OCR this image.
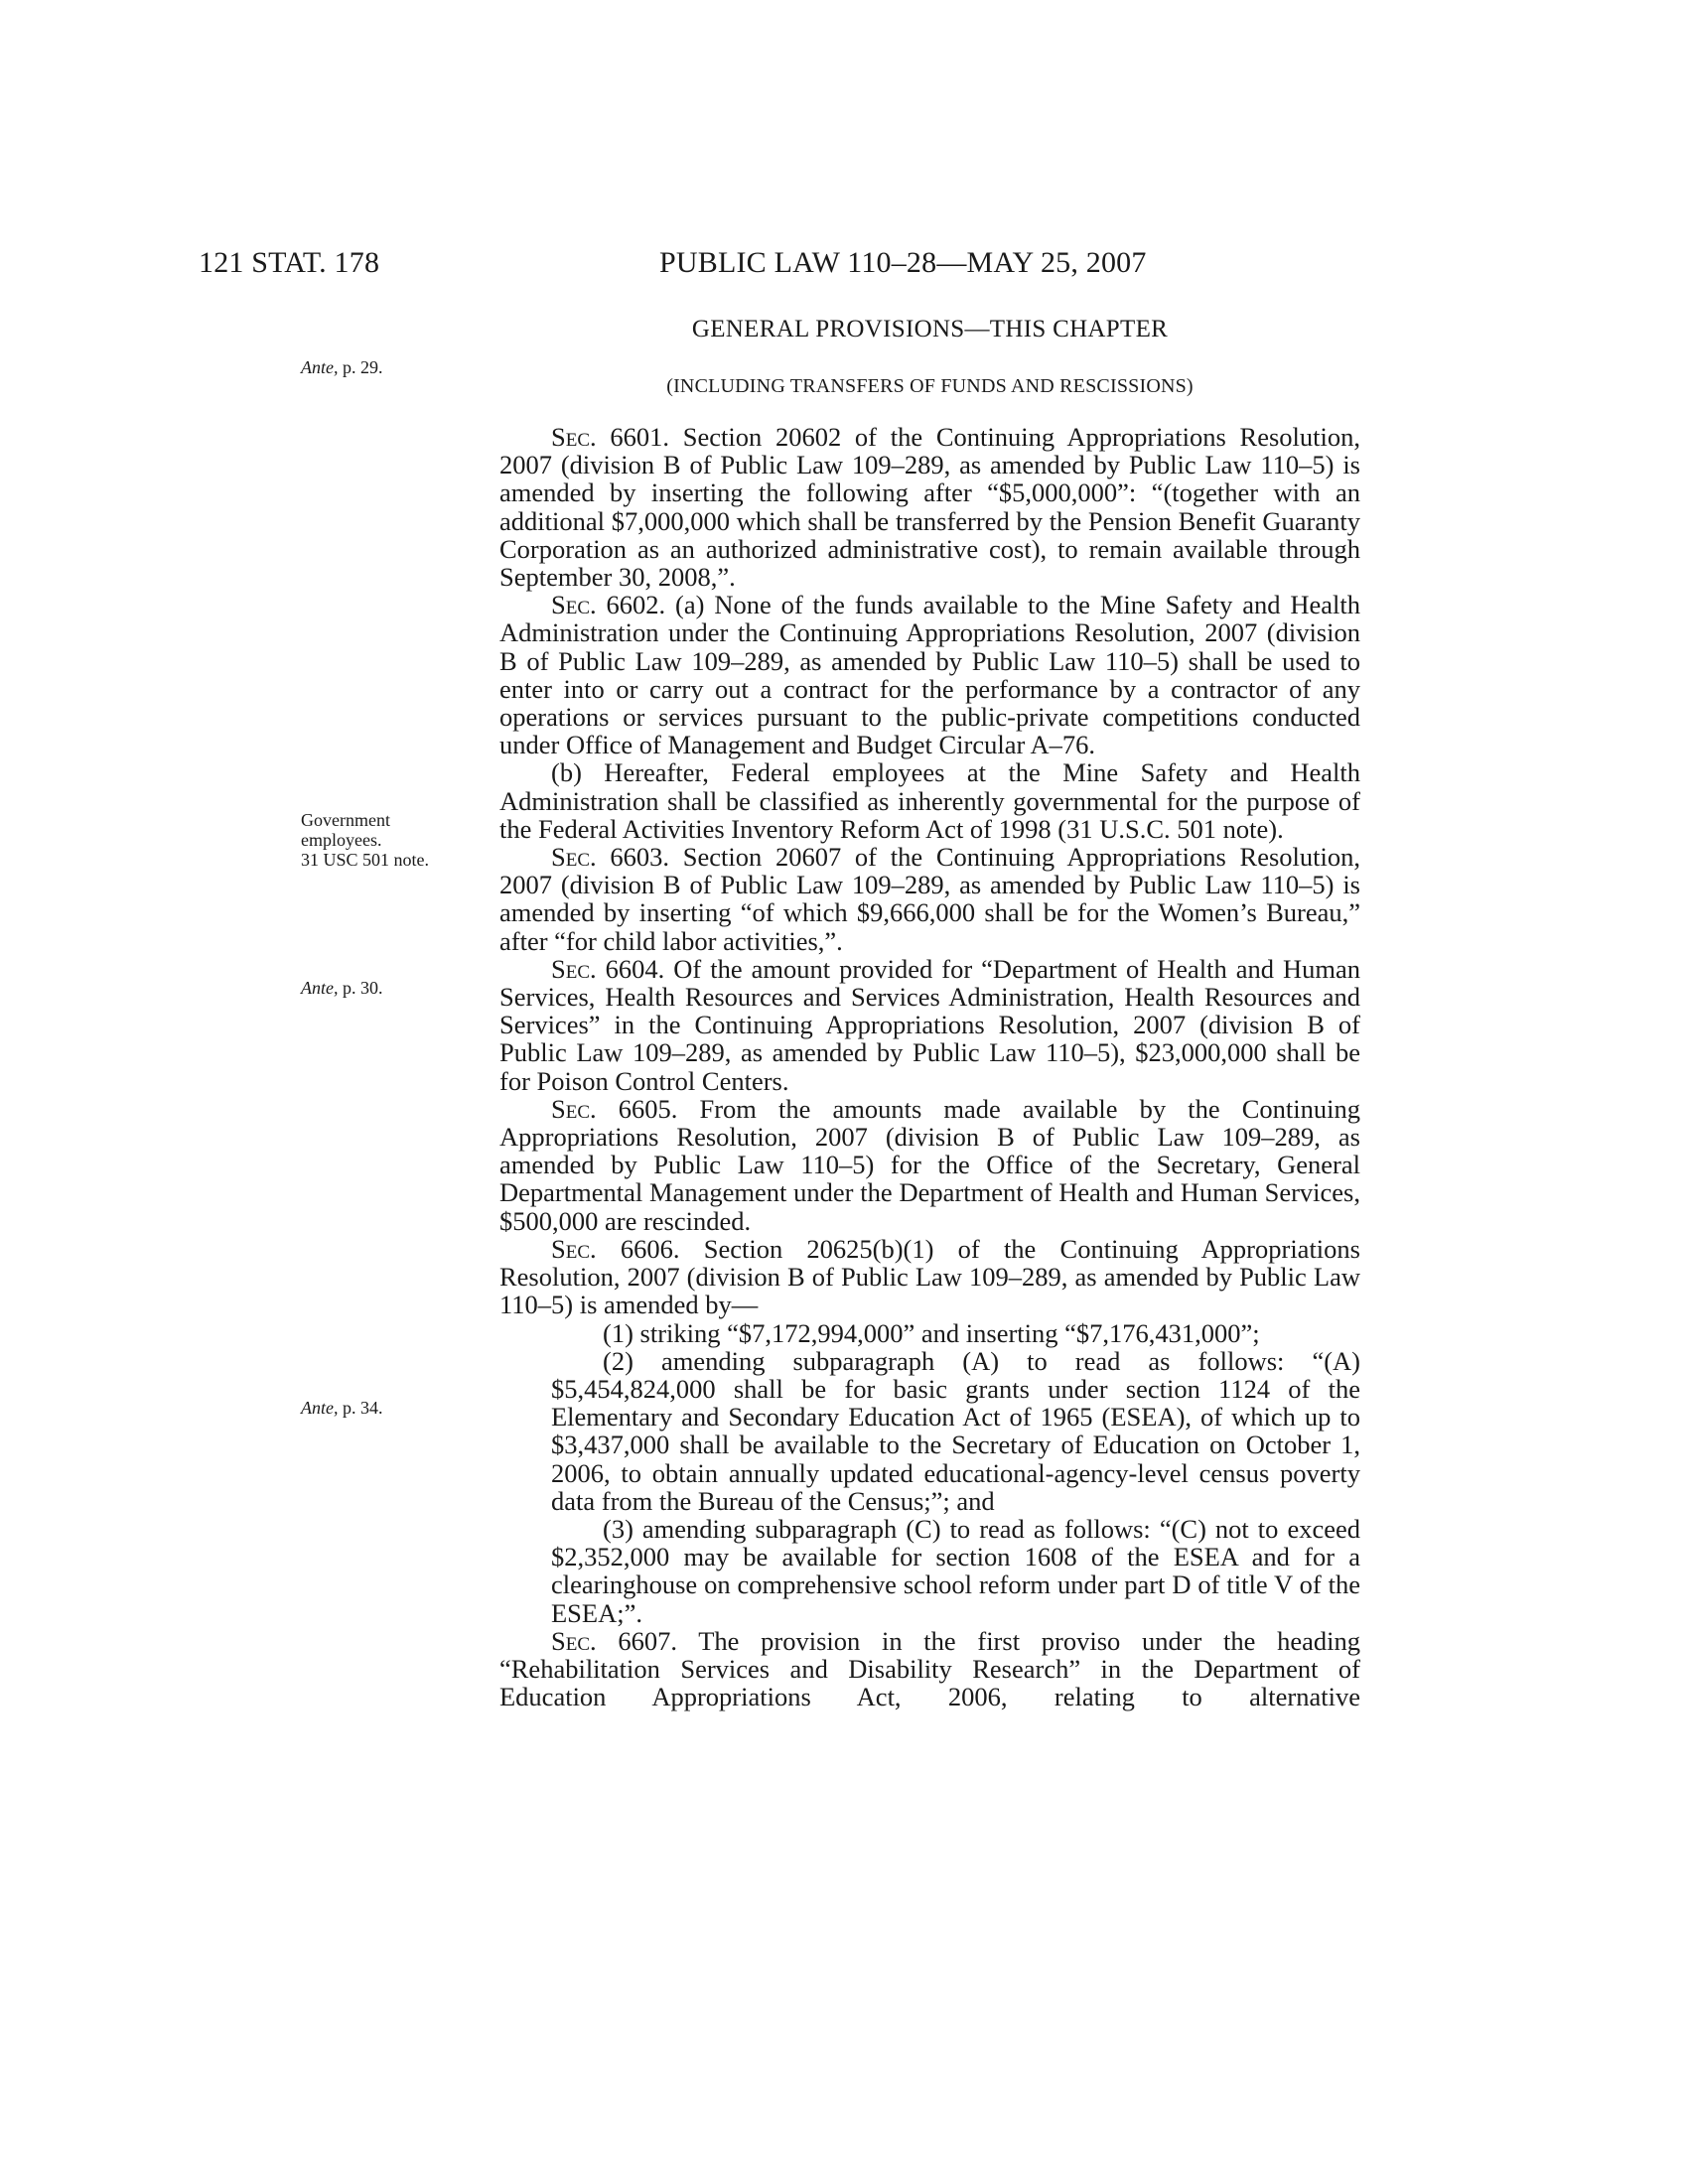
121 STAT. 178	PUBLIC LAW 110–28—MAY 25, 2007
GENERAL PROVISIONS—THIS CHAPTER
(INCLUDING TRANSFERS OF FUNDS AND RESCISSIONS)
Ante, p. 29.
Government
employees.
31 USC 501 note.
Ante, p. 30.
Ante, p. 34.

Sec. 6601. Section 20602 of the Continuing Appropriations Resolution, 2007 (division B of Public Law 109–289, as amended by Public Law 110–5) is amended by inserting the following after “$5,000,000”: “(together with an additional $7,000,000 which shall be transferred by the Pension Benefit Guaranty Corporation as an authorized administrative cost), to remain available through September 30, 2008,”.

Sec. 6602. (a) None of the funds available to the Mine Safety and Health Administration under the Continuing Appropriations Resolution, 2007 (division B of Public Law 109–289, as amended by Public Law 110–5) shall be used to enter into or carry out a contract for the performance by a contractor of any operations or services pursuant to the public-private competitions conducted under Office of Management and Budget Circular A–76.

(b) Hereafter, Federal employees at the Mine Safety and Health Administration shall be classified as inherently governmental for the purpose of the Federal Activities Inventory Reform Act of 1998 (31 U.S.C. 501 note).

Sec. 6603. Section 20607 of the Continuing Appropriations Resolution, 2007 (division B of Public Law 109–289, as amended by Public Law 110–5) is amended by inserting “of which $9,666,000 shall be for the Women’s Bureau,” after “for child labor activities,”.

Sec. 6604. Of the amount provided for “Department of Health and Human Services, Health Resources and Services Administration, Health Resources and Services” in the Continuing Appropriations Resolution, 2007 (division B of Public Law 109–289, as amended by Public Law 110–5), $23,000,000 shall be for Poison Control Centers.

Sec. 6605. From the amounts made available by the Continuing Appropriations Resolution, 2007 (division B of Public Law 109–289, as amended by Public Law 110–5) for the Office of the Secretary, General Departmental Management under the Department of Health and Human Services, $500,000 are rescinded.

Sec. 6606. Section 20625(b)(1) of the Continuing Appropriations Resolution, 2007 (division B of Public Law 109–289, as amended by Public Law 110–5) is amended by—

(1) striking “$7,172,994,000” and inserting “$7,176,431,000”;

(2) amending subparagraph (A) to read as follows: “(A) $5,454,824,000 shall be for basic grants under section 1124 of the Elementary and Secondary Education Act of 1965 (ESEA), of which up to $3,437,000 shall be available to the Secretary of Education on October 1, 2006, to obtain annually updated educational-agency-level census poverty data from the Bureau of the Census;”; and

(3) amending subparagraph (C) to read as follows: “(C) not to exceed $2,352,000 may be available for section 1608 of the ESEA and for a clearinghouse on comprehensive school reform under part D of title V of the ESEA;”.

Sec. 6607. The provision in the first proviso under the heading “Rehabilitation Services and Disability Research” in the Department of Education Appropriations Act, 2006, relating to alternative
